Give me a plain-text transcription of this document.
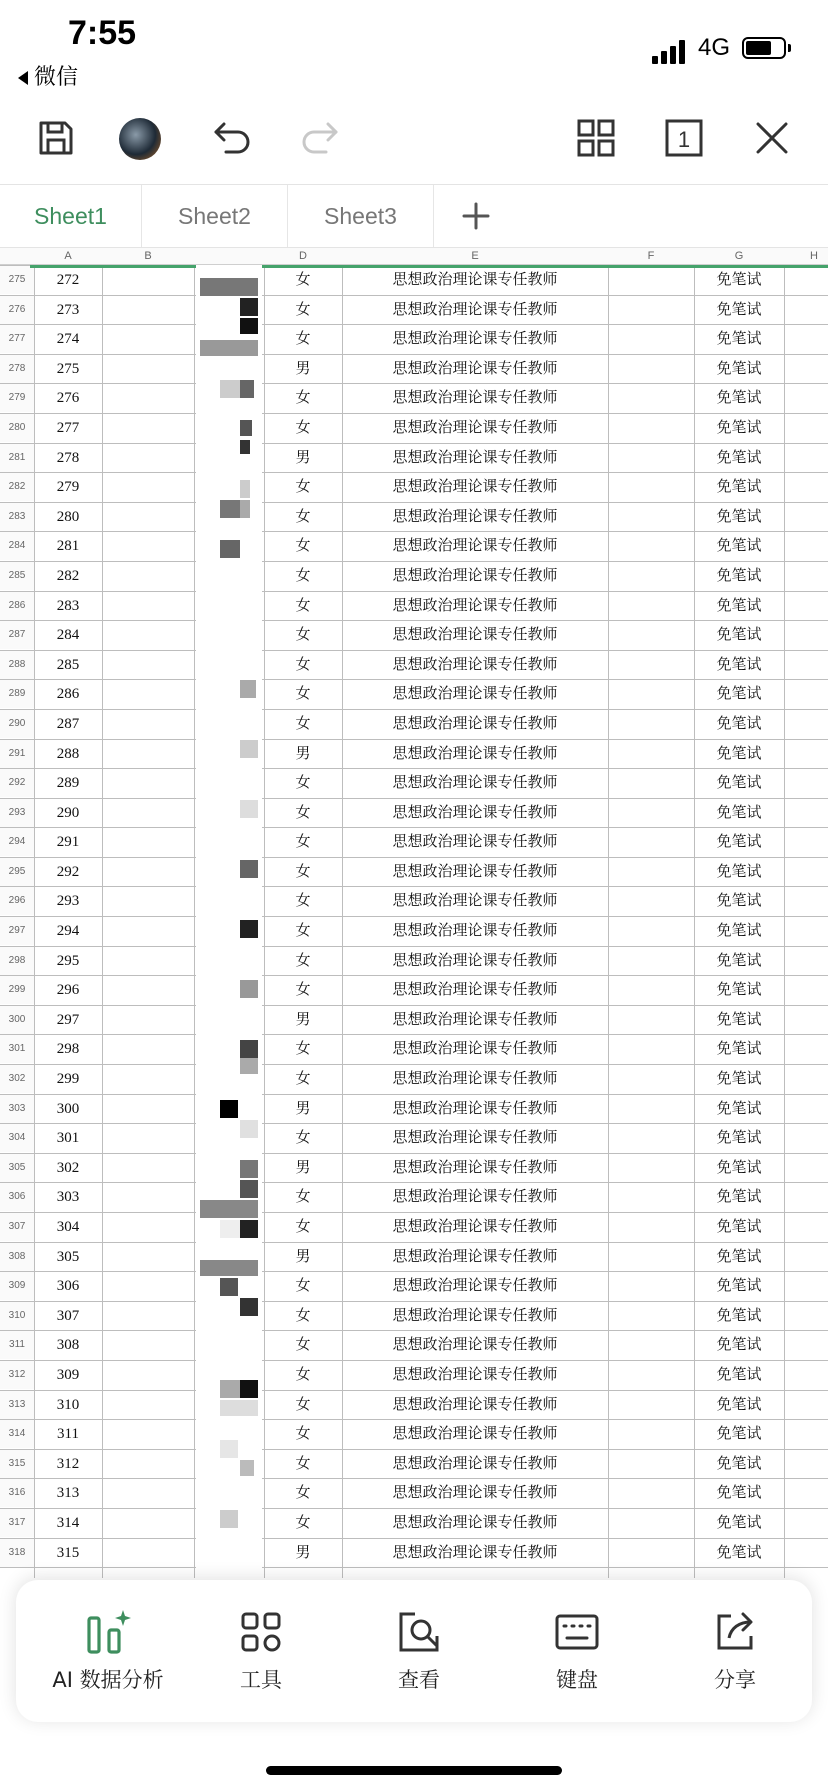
7:55
微信
4G
1
Sheet1	Sheet2	Sheet3
275	272	女	思想政治理论课专任教师	免笔试
276	273	女	思想政治理论课专任教师	免笔试
277	274	女	思想政治理论课专任教师	免笔试
278	275	男	思想政治理论课专任教师	免笔试
279	276	女	思想政治理论课专任教师	免笔试
280	277	女	思想政治理论课专任教师	免笔试
281	278	男	思想政治理论课专任教师	免笔试
282	279	女	思想政治理论课专任教师	免笔试
283	280	女	思想政治理论课专任教师	免笔试
284	281	女	思想政治理论课专任教师	免笔试
285	282	女	思想政治理论课专任教师	免笔试
286	283	女	思想政治理论课专任教师	免笔试
287	284	女	思想政治理论课专任教师	免笔试
288	285	女	思想政治理论课专任教师	免笔试
289	286	女	思想政治理论课专任教师	免笔试
290	287	女	思想政治理论课专任教师	免笔试
291	288	男	思想政治理论课专任教师	免笔试
292	289	女	思想政治理论课专任教师	免笔试
293	290	女	思想政治理论课专任教师	免笔试
294	291	女	思想政治理论课专任教师	免笔试
295	292	女	思想政治理论课专任教师	免笔试
296	293	女	思想政治理论课专任教师	免笔试
297	294	女	思想政治理论课专任教师	免笔试
298	295	女	思想政治理论课专任教师	免笔试
299	296	女	思想政治理论课专任教师	免笔试
300	297	男	思想政治理论课专任教师	免笔试
301	298	女	思想政治理论课专任教师	免笔试
302	299	女	思想政治理论课专任教师	免笔试
303	300	男	思想政治理论课专任教师	免笔试
304	301	女	思想政治理论课专任教师	免笔试
305	302	男	思想政治理论课专任教师	免笔试
306	303	女	思想政治理论课专任教师	免笔试
307	304	女	思想政治理论课专任教师	免笔试
308	305	男	思想政治理论课专任教师	免笔试
309	306	女	思想政治理论课专任教师	免笔试
310	307	女	思想政治理论课专任教师	免笔试
311	308	女	思想政治理论课专任教师	免笔试
312	309	女	思想政治理论课专任教师	免笔试
313	310	女	思想政治理论课专任教师	免笔试
314	311	女	思想政治理论课专任教师	免笔试
315	312	女	思想政治理论课专任教师	免笔试
316	313	女	思想政治理论课专任教师	免笔试
317	314	女	思想政治理论课专任教师	免笔试
318	315	男	思想政治理论课专任教师	免笔试
A	B	D	E	F	G	H
AI 数据分析	工具	查看	键盘	分享
